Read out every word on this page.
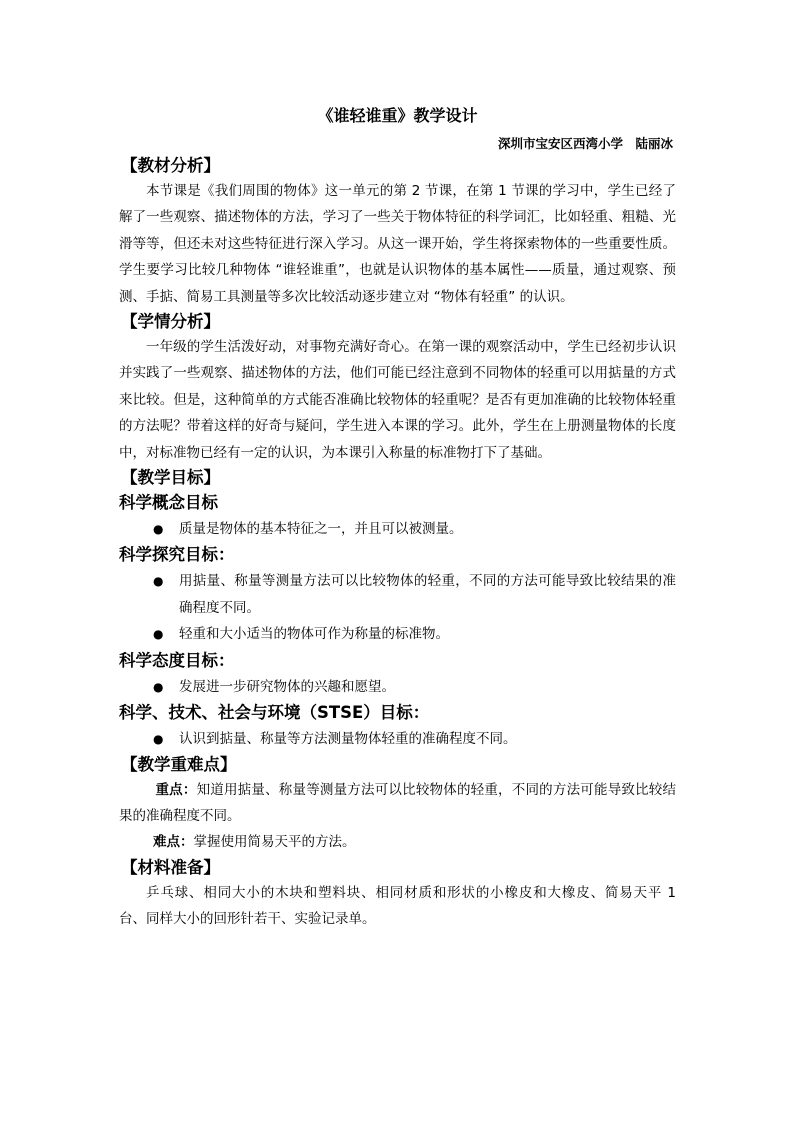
《谁轻谁重》教学设计
深圳市宝安区西湾小学　陆丽冰
【教材分析】

本节课是《我们周围的物体》这一单元的第 2 节课，在第 1 节课的学习中，学生已经了解了一些观察、描述物体的方法，学习了一些关于物体特征的科学词汇，比如轻重、粗糙、光滑等等，但还未对这些特征进行深入学习。从这一课开始，学生将探索物体的一些重要性质。学生要学习比较几种物体 “谁轻谁重”，也就是认识物体的基本属性——质量，通过观察、预测、手掂、简易工具测量等多次比较活动逐步建立对 “物体有轻重” 的认识。

【学情分析】

一年级的学生活泼好动，对事物充满好奇心。在第一课的观察活动中，学生已经初步认识并实践了一些观察、描述物体的方法，他们可能已经注意到不同物体的轻重可以用掂量的方式来比较。但是，这种简单的方式能否准确比较物体的轻重呢？是否有更加准确的比较物体轻重的方法呢？带着这样的好奇与疑问，学生进入本课的学习。此外，学生在上册测量物体的长度中，对标准物已经有一定的认识，为本课引入称量的标准物打下了基础。

【教学目标】
科学概念目标
● 质量是物体的基本特征之一，并且可以被测量。
科学探究目标：
● 用掂量、称量等测量方法可以比较物体的轻重，不同的方法可能导致比较结果的准确程度不同。
● 轻重和大小适当的物体可作为称量的标准物。
科学态度目标：
● 发展进一步研究物体的兴趣和愿望。
科学、技术、社会与环境（STSE）目标：
● 认识到掂量、称量等方法测量物体轻重的准确程度不同。
【教学重难点】

重点：知道用掂量、称量等测量方法可以比较物体的轻重，不同的方法可能导致比较结果的准确程度不同。

难点：掌握使用简易天平的方法。

【材料准备】

乒乓球、相同大小的木块和塑料块、相同材质和形状的小橡皮和大橡皮、简易天平 1 台、同样大小的回形针若干、实验记录单。
